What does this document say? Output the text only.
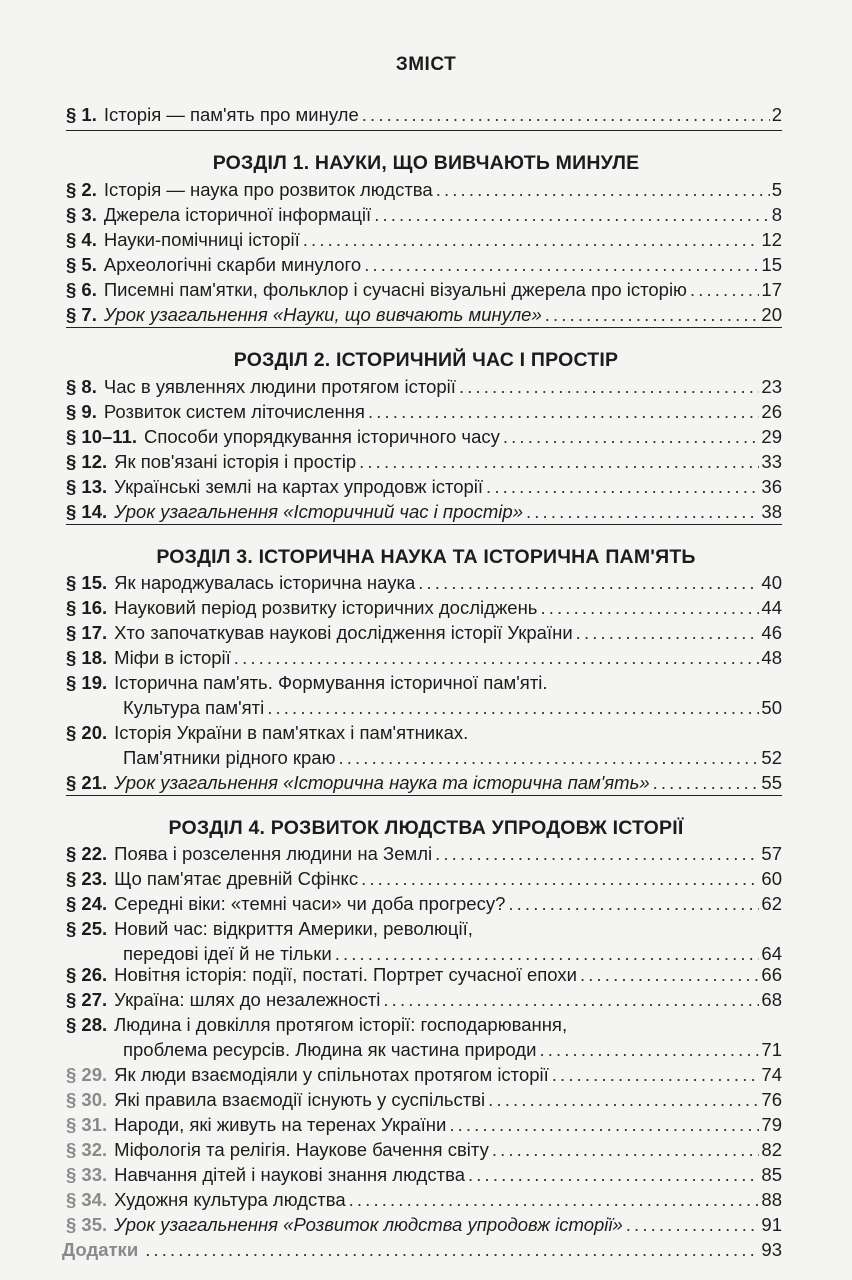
ЗМІСТ
§ 1. Історія — пам'ять про минуле . . .	2
РОЗДІЛ 1. НАУКИ, ЩО ВИВЧАЮТЬ МИНУЛЕ
§ 2. Історія — наука про розвиток людства . . .	5
§ 3. Джерела історичної інформації . . .	8
§ 4. Науки-помічниці історії . . .	12
§ 5. Археологічні скарби минулого . . .	15
§ 6. Писемні пам'ятки, фольклор і сучасні візуальні джерела про історію . . .	17
§ 7. Урок узагальнення «Науки, що вивчають минуле» . . .	20
РОЗДІЛ 2. ІСТОРИЧНИЙ ЧАС І ПРОСТІР
§ 8. Час в уявленнях людини протягом історії . . .	23
§ 9. Розвиток систем літочислення . . .	26
§ 10–11. Способи упорядкування історичного часу . . .	29
§ 12. Як пов'язані історія і простір . . .	33
§ 13. Українські землі на картах упродовж історії . . .	36
§ 14. Урок узагальнення «Історичний час і простір» . . .	38
РОЗДІЛ 3. ІСТОРИЧНА НАУКА ТА ІСТОРИЧНА ПАМ'ЯТЬ
§ 15. Як народжувалась історична наука . . .	40
§ 16. Науковий період розвитку історичних досліджень . . .	44
§ 17. Хто започаткував наукові дослідження історії України . . .	46
§ 18. Міфи в історії . . .	48
§ 19. Історична пам'ять. Формування історичної пам'яті.
Культура пам'яті . . .	50
§ 20. Історія України в пам'ятках і пам'ятниках.
Пам'ятники рідного краю . . .	52
§ 21. Урок узагальнення «Історична наука та історична пам'ять» . . .	55
РОЗДІЛ 4. РОЗВИТОК ЛЮДСТВА УПРОДОВЖ ІСТОРІЇ
§ 22. Поява і розселення людини на Землі . . .	57
§ 23. Що пам'ятає древній Сфінкс . . .	60
§ 24. Середні віки: «темні часи» чи доба прогресу? . . .	62
§ 25. Новий час: відкриття Америки, революції,
передові ідеї й не тільки . . .	64
§ 26. Новітня історія: події, постаті. Портрет сучасної епохи . . .	66
§ 27. Україна: шлях до незалежності . . .	68
§ 28. Людина і довкілля протягом історії: господарювання,
проблема ресурсів. Людина як частина природи . . .	71
§ 29. Як люди взаємодіяли у спільнотах протягом історії . . .	74
§ 30. Які правила взаємодії існують у суспільстві . . .	76
§ 31. Народи, які живуть на теренах України . . .	79
§ 32. Міфологія та релігія. Наукове бачення світу . . .	82
§ 33. Навчання дітей і наукові знання людства . . .	85
§ 34. Художня культура людства . . .	88
§ 35. Урок узагальнення «Розвиток людства упродовж історії» . . .	91
Додатки . . .	93
